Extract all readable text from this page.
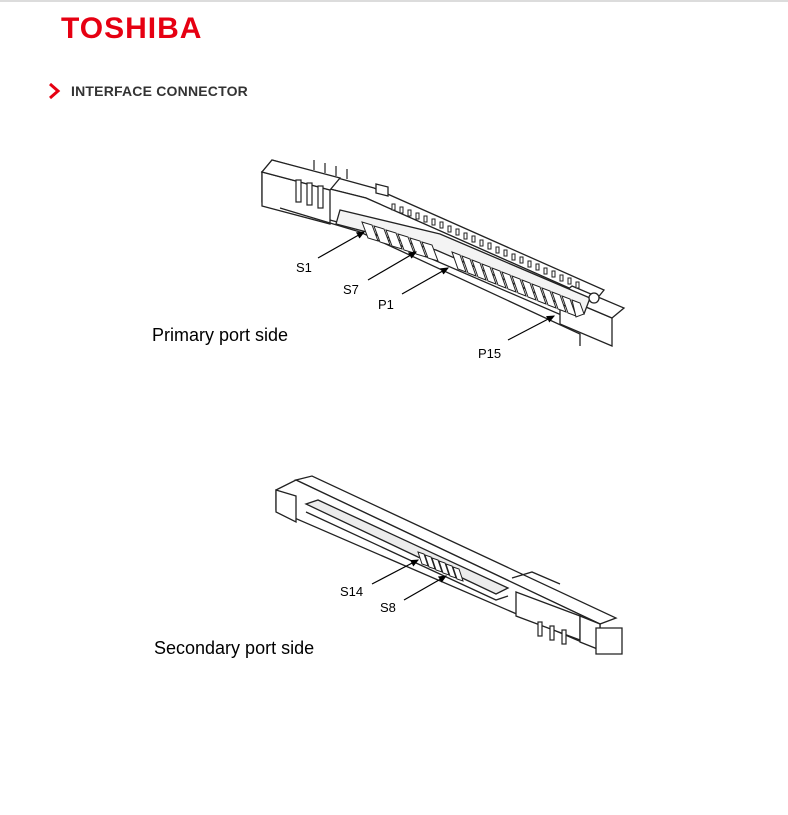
TOSHIBA
INTERFACE CONNECTOR
S1
S7
P1
P15
Primary port side
S14
S8
Secondary port side
